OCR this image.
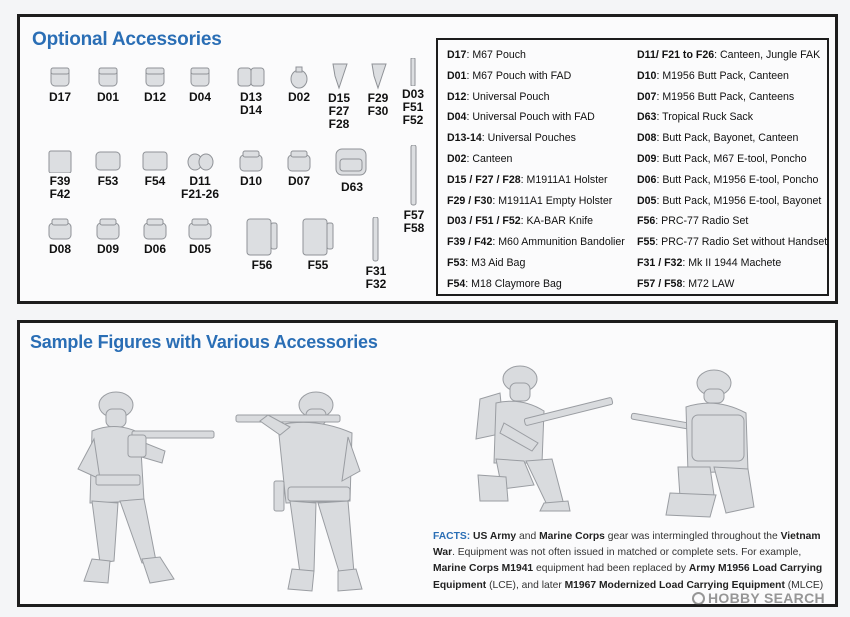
Optional Accessories
D17	D01	D12	D04	D13
D14
D02	D15
F27
F28
F29
F30
D03
F51
F52
F39
F42
F53	F54	D11
F21-26
D10	D07	D63
F57
F58
D08	D09	D06	D05
F56	F55	F31
F32
D17: M67 Pouch
D01: M67 Pouch with FAD
D12: Universal Pouch
D04: Universal Pouch with FAD
D13-14: Universal Pouches
D02: Canteen
D15 / F27 / F28: M1911A1 Holster
F29 / F30: M1911A1 Empty Holster
D03 / F51 / F52: KA-BAR Knife
F39 / F42: M60 Ammunition Bandolier
F53: M3 Aid Bag
F54: M18 Claymore Bag
D11/ F21 to F26: Canteen, Jungle FAK
D10: M1956 Butt Pack, Canteen
D07: M1956 Butt Pack, Canteens
D63: Tropical Ruck Sack
D08: Butt Pack, Bayonet, Canteen
D09: Butt Pack, M67 E-tool, Poncho
D06: Butt Pack, M1956 E-tool, Poncho
D05: Butt Pack, M1956 E-tool, Bayonet
F56: PRC-77 Radio Set
F55: PRC-77 Radio Set without Handset
F31 / F32: Mk II 1944 Machete
F57 / F58: M72 LAW
Sample Figures with Various Accessories
FACTS: US Army and Marine Corps gear was intermingled throughout the Vietnam War. Equipment was not often issued in matched or complete sets. For example, Marine Corps M1941 equipment had been replaced by Army M1956 Load Carrying Equipment (LCE), and later M1967 Modernized Load Carrying Equipment (MLCE)
HOBBY SEARCH
